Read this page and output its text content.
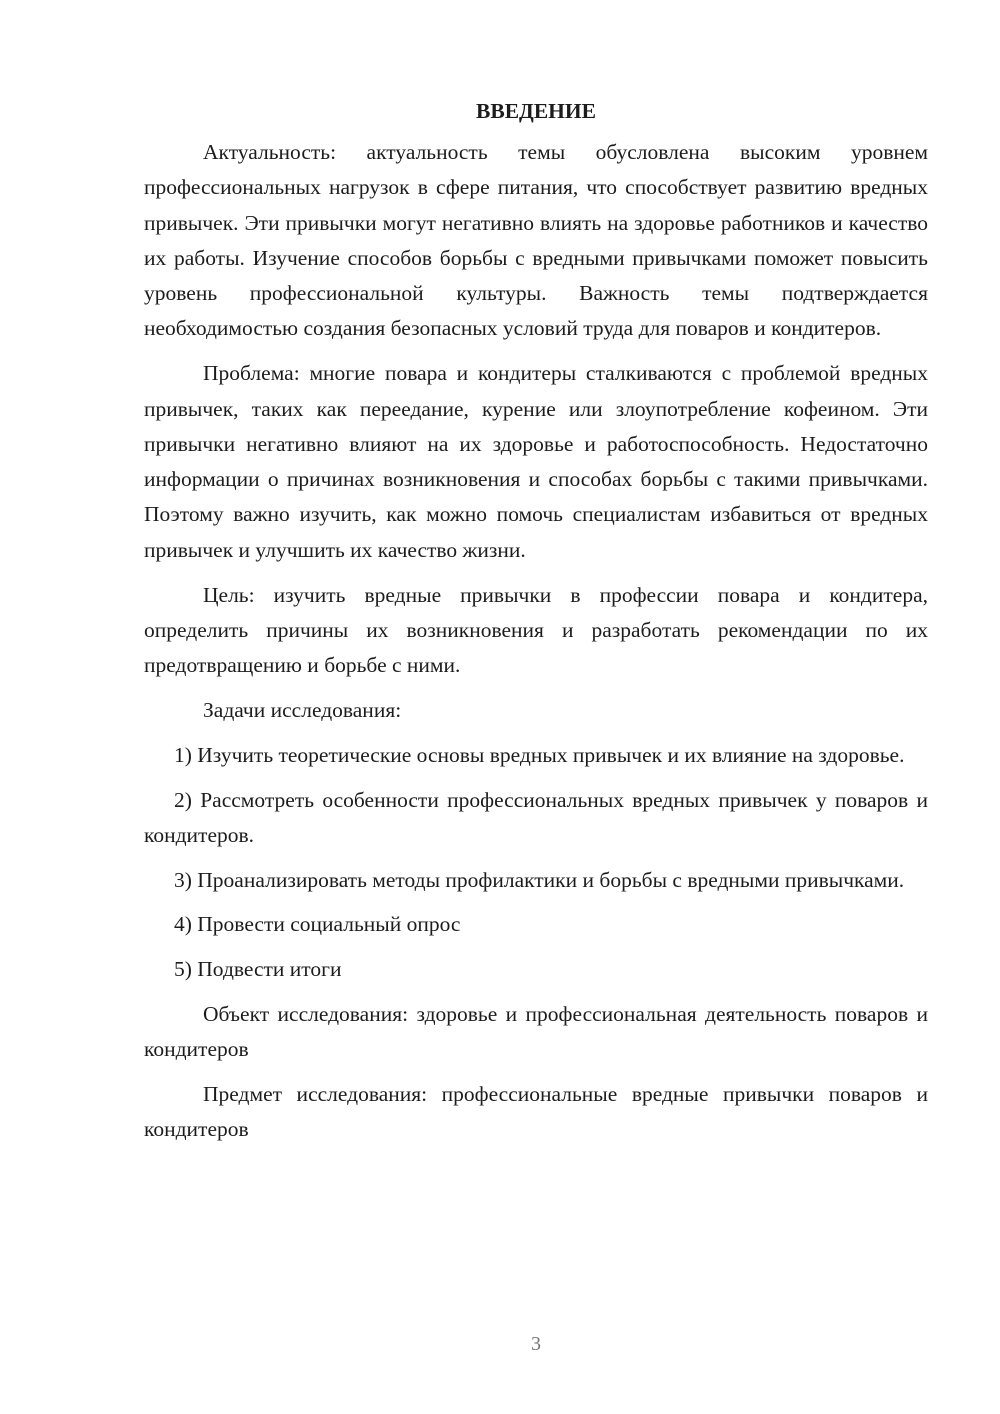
ВВЕДЕНИЕ

Актуальность: актуальность темы обусловлена высоким уровнем профессиональных нагрузок в сфере питания, что способствует развитию вредных привычек. Эти привычки могут негативно влиять на здоровье работников и качество их работы. Изучение способов борьбы с вредными привычками поможет повысить уровень профессиональной культуры. Важность темы подтверждается необходимостью создания безопасных условий труда для поваров и кондитеров.

Проблема: многие повара и кондитеры сталкиваются с проблемой вредных привычек, таких как переедание, курение или злоупотребление кофеином. Эти привычки негативно влияют на их здоровье и работоспособность. Недостаточно информации о причинах возникновения и способах борьбы с такими привычками. Поэтому важно изучить, как можно помочь специалистам избавиться от вредных привычек и улучшить их качество жизни.

Цель: изучить вредные привычки в профессии повара и кондитера, определить причины их возникновения и разработать рекомендации по их предотвращению и борьбе с ними.

Задачи исследования:

1) Изучить теоретические основы вредных привычек и их влияние на здоровье.

2) Рассмотреть особенности профессиональных вредных привычек у поваров и кондитеров.

3) Проанализировать методы профилактики и борьбы с вредными привычками.

4) Провести социальный опрос

5) Подвести итоги

Объект исследования: здоровье и профессиональная деятельность поваров и кондитеров

Предмет исследования: профессиональные вредные привычки поваров и кондитеров

3
